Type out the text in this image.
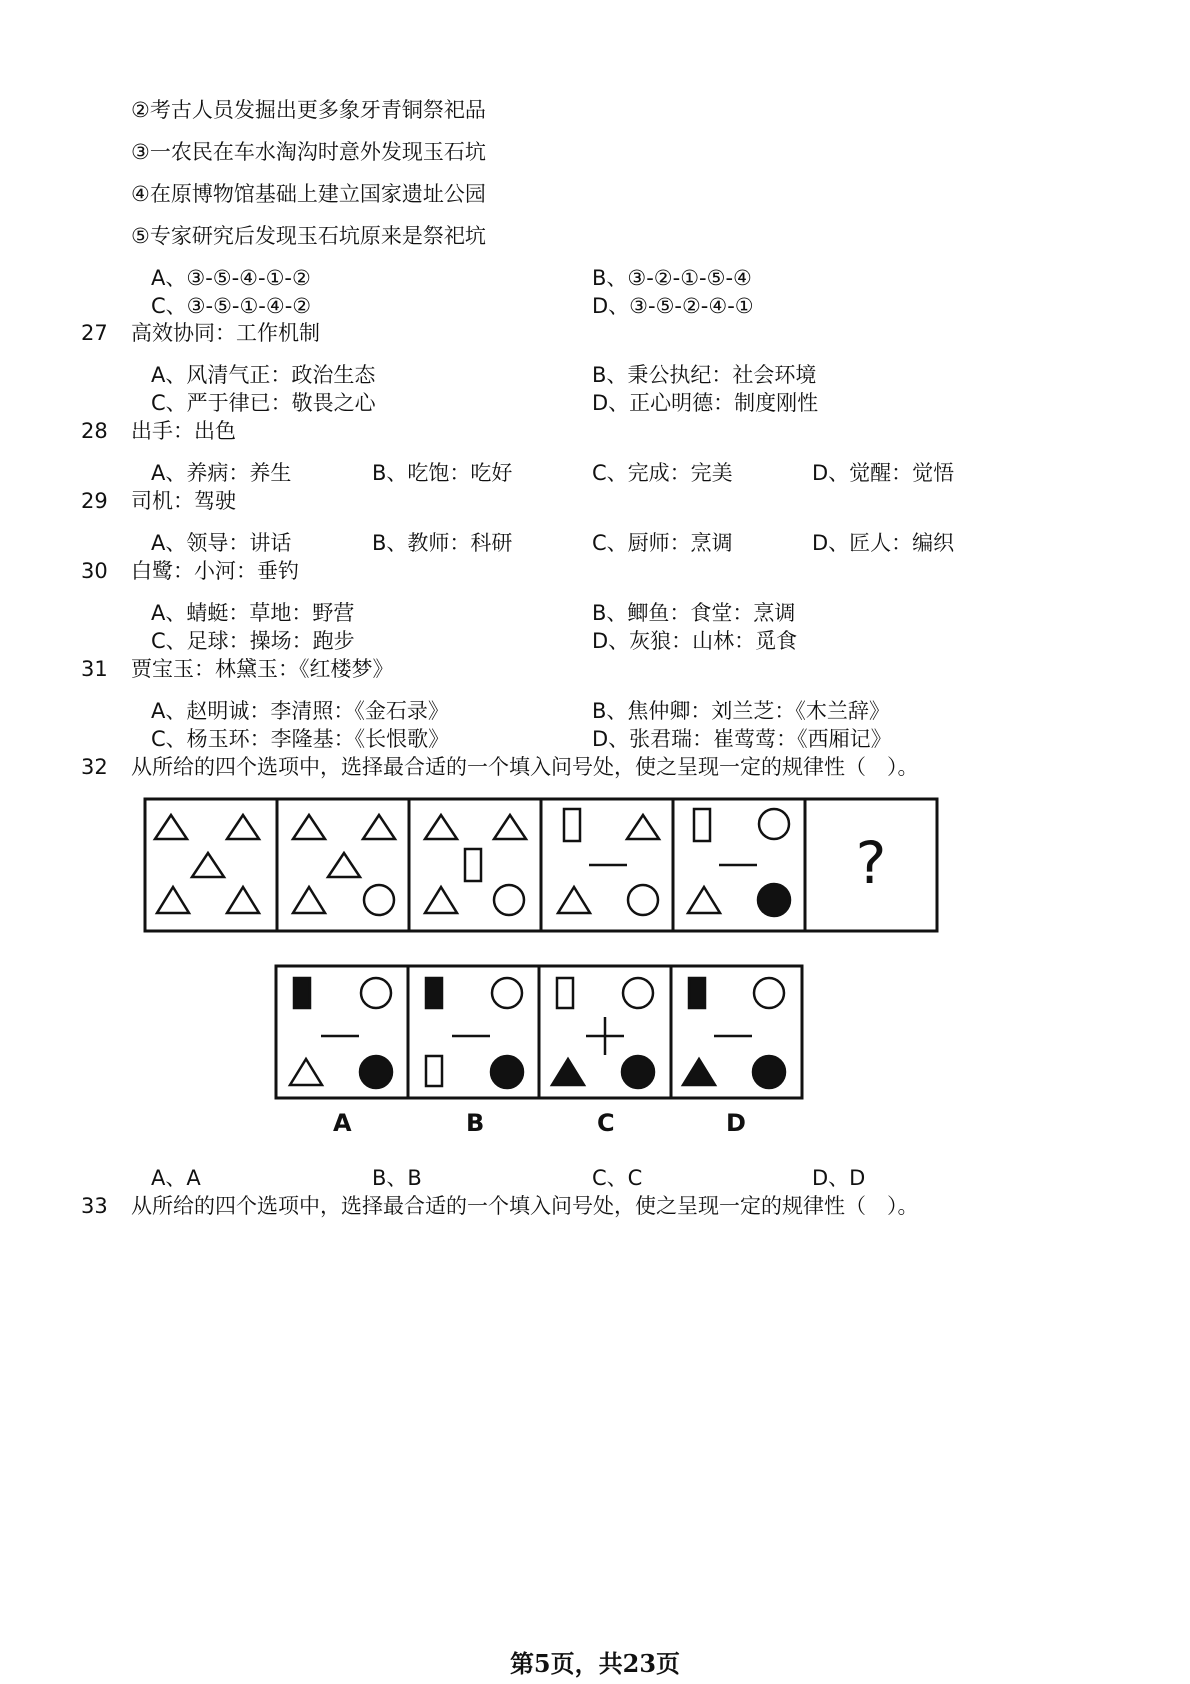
②考古人员发掘出更多象牙青铜祭祀品
③一农民在车水淘沟时意外发现玉石坑
④在原博物馆基础上建立国家遗址公园
⑤专家研究后发现玉石坑原来是祭祀坑
A、③-⑤-④-①-②	B、③-②-①-⑤-④
C、③-⑤-①-④-②	D、③-⑤-②-④-①
27 高效协同：工作机制
A、风清气正：政治生态	B、秉公执纪：社会环境
C、严于律已：敬畏之心	D、正心明德：制度刚性
28 出手：出色
A、养病：养生	B、吃饱：吃好	C、完成：完美	D、觉醒：觉悟
29 司机：驾驶
A、领导：讲话	B、教师：科研	C、厨师：烹调	D、匠人：编织
30 白鹭：小河：垂钓
A、蜻蜓：草地：野营	B、鲫鱼：食堂：烹调
C、足球：操场：跑步	D、灰狼：山林：觅食
31 贾宝玉：林黛玉：《红楼梦》
A、赵明诚：李清照：《金石录》	B、焦仲卿：刘兰芝：《木兰辞》
C、杨玉环：李隆基：《长恨歌》	D、张君瑞：崔莺莺：《西厢记》
32 从所给的四个选项中，选择最合适的一个填入问号处，使之呈现一定的规律性（　）。
?
A	B	C	D
A、A	B、B	C、C	D、D
33 从所给的四个选项中，选择最合适的一个填入问号处，使之呈现一定的规律性（　）。
第5页，共23页
